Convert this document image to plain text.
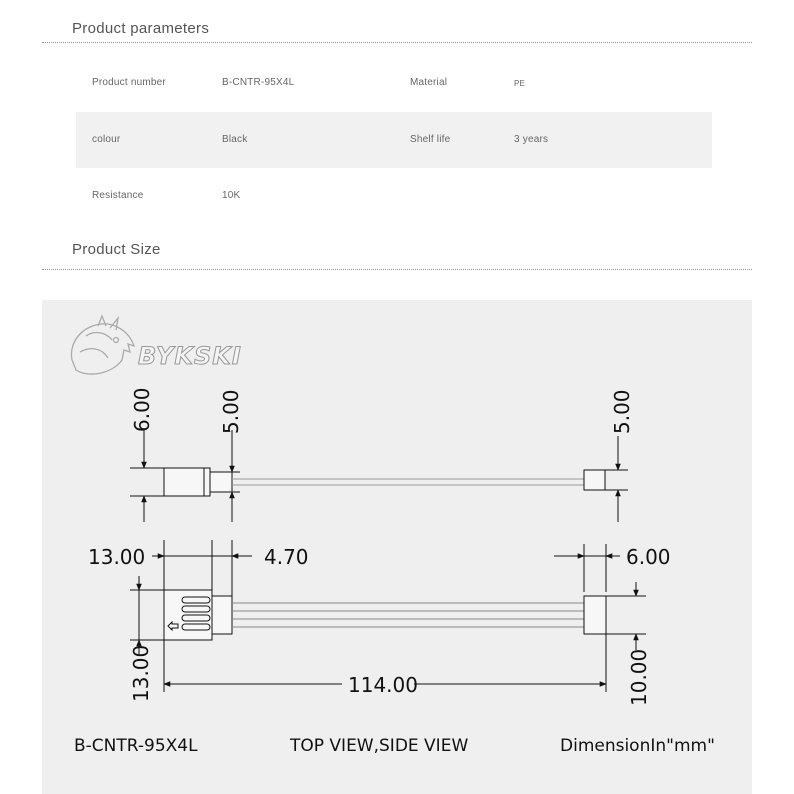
Product parameters
Product number	B-CNTR-95X4L	Material	PE
colour	Black	Shelf life	3 years
Resistance	10K
Product Size
BYKSKI
6.00	5.00	5.00
13.00	4.70	6.00
13.00	114.00	10.00
B-CNTR-95X4L	TOP VIEW,SIDE VIEW	DimensionIn"mm"
